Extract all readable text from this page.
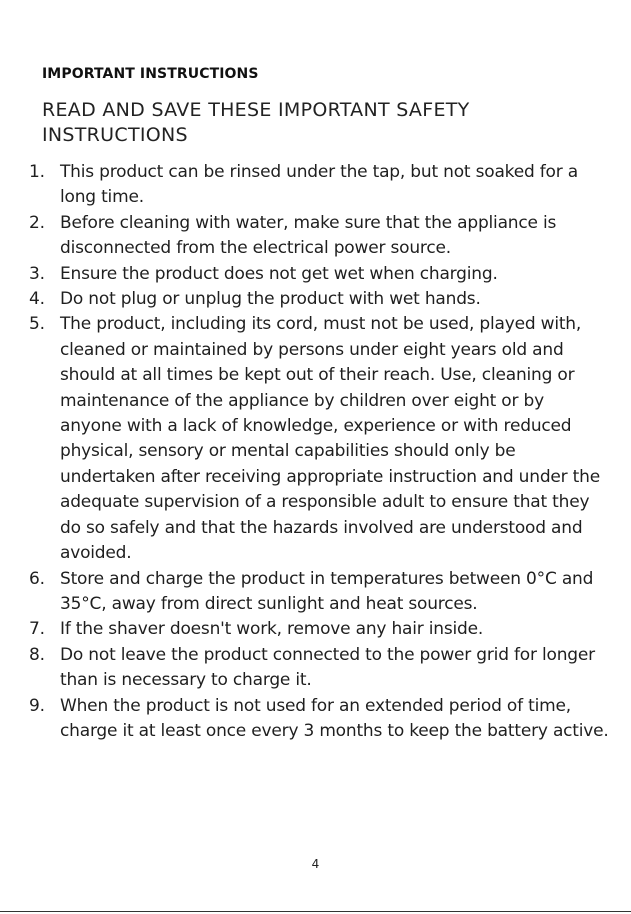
IMPORTANT INSTRUCTIONS
READ AND SAVE THESE IMPORTANT SAFETY INSTRUCTIONS
1. This product can be rinsed under the tap, but not soaked for a long time.
2. Before cleaning with water, make sure that the appliance is disconnected from the electrical power source.
3. Ensure the product does not get wet when charging.
4. Do not plug or unplug the product with wet hands.
5. The product, including its cord, must not be used, played with, cleaned or maintained by persons under eight years old and should at all times be kept out of their reach. Use, cleaning or maintenance of the appliance by children over eight or by anyone with a lack of knowledge, experience or with reduced physical, sensory or mental capabilities should only be undertaken after receiving appropriate instruction and under the adequate supervision of a responsible adult to ensure that they do so safely and that the hazards involved are understood and avoided.
6. Store and charge the product in temperatures between 0°C and 35°C, away from direct sunlight and heat sources.
7. If the shaver doesn't work, remove any hair inside.
8. Do not leave the product connected to the power grid for longer than is necessary to charge it.
9. When the product is not used for an extended period of time, charge it at least once every 3 months to keep the battery active.
4
